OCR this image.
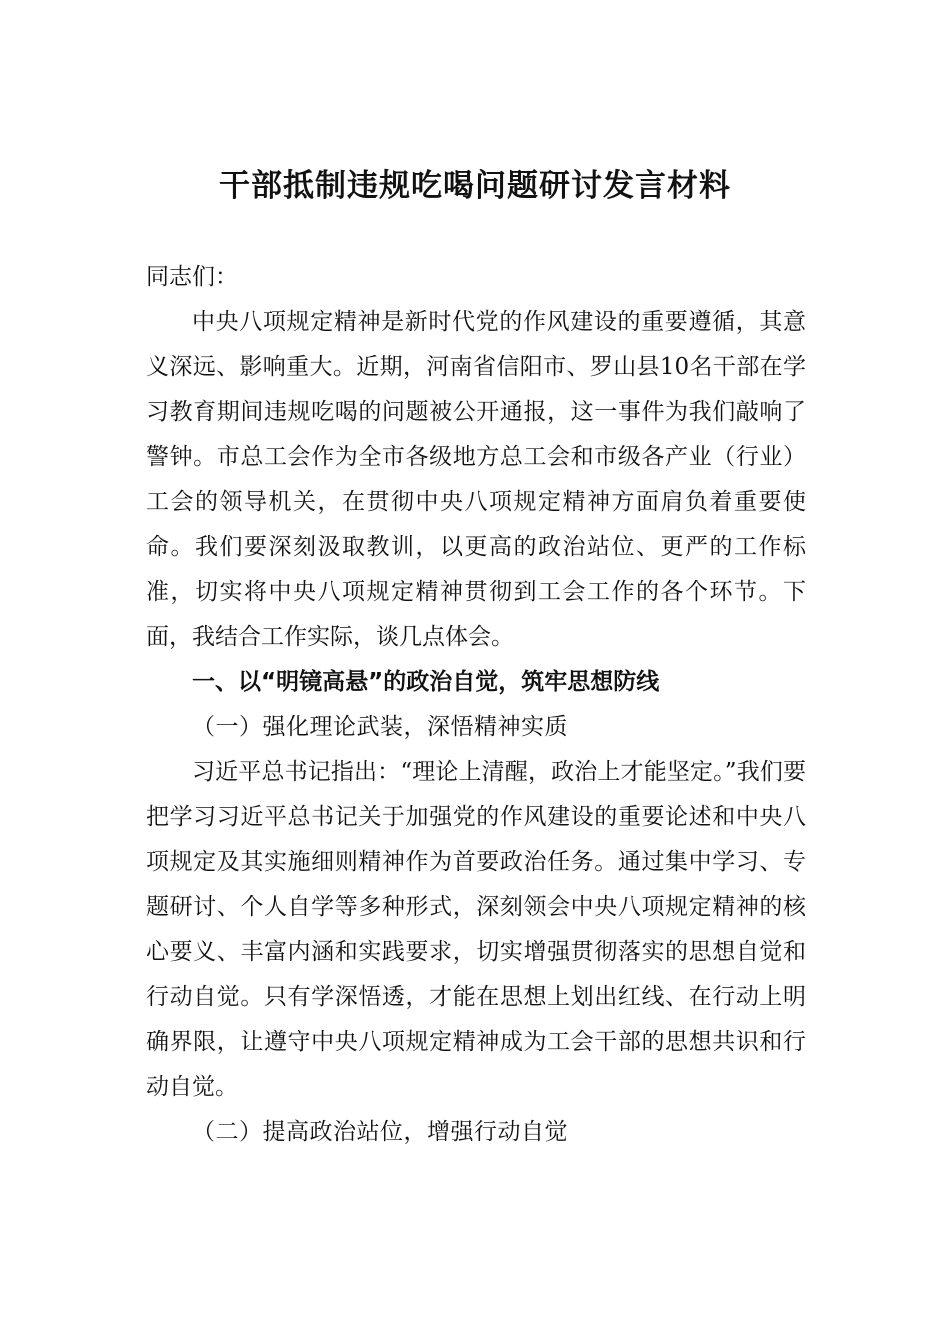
干部抵制违规吃喝问题研讨发言材料

同志们：

中央八项规定精神是新时代党的作风建设的重要遵循，其意义深远、影响重大。近期，河南省信阳市、罗山县10名干部在学习教育期间违规吃喝的问题被公开通报，这一事件为我们敲响了警钟。市总工会作为全市各级地方总工会和市级各产业（行业）工会的领导机关，在贯彻中央八项规定精神方面肩负着重要使命。我们要深刻汲取教训，以更高的政治站位、更严的工作标准，切实将中央八项规定精神贯彻到工会工作的各个环节。下面，我结合工作实际，谈几点体会。

一、以“明镜高悬”的政治自觉，筑牢思想防线

（一）强化理论武装，深悟精神实质

习近平总书记指出：“理论上清醒，政治上才能坚定。”我们要把学习习近平总书记关于加强党的作风建设的重要论述和中央八项规定及其实施细则精神作为首要政治任务。通过集中学习、专题研讨、个人自学等多种形式，深刻领会中央八项规定精神的核心要义、丰富内涵和实践要求，切实增强贯彻落实的思想自觉和行动自觉。只有学深悟透，才能在思想上划出红线、在行动上明确界限，让遵守中央八项规定精神成为工会干部的思想共识和行动自觉。

（二）提高政治站位，增强行动自觉
